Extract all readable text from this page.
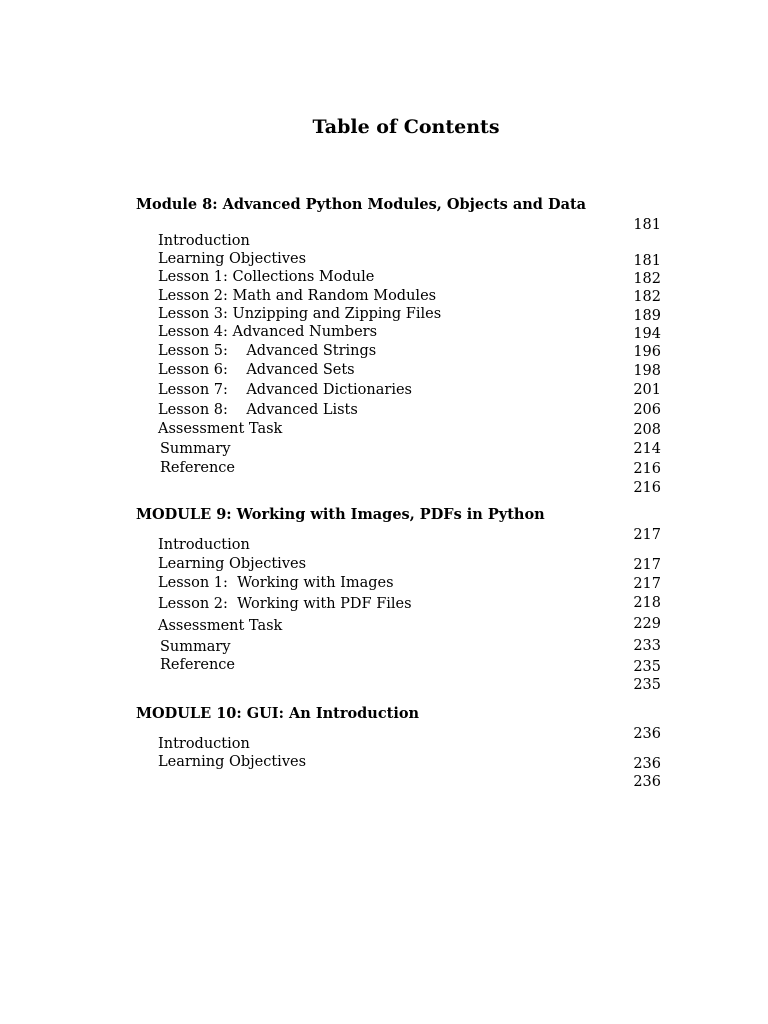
Table of Contents

Module 8: Advanced Python Modules, Objects and Data

181

Introduction

181

Learning Objectives

182

Lesson 1: Collections Module

182

Lesson 2: Math and Random Modules

189

Lesson 3: Unzipping and Zipping Files

194

Lesson 4: Advanced Numbers

196

Lesson 5:    Advanced Strings

198

Lesson 6:    Advanced Sets

201

Lesson 7:    Advanced Dictionaries

206

Lesson 8:    Advanced Lists

208

Assessment Task

214

Summary

216

Reference

216

MODULE 9: Working with Images, PDFs in Python

217

Introduction

217

Learning Objectives

217

Lesson 1:  Working with Images

218

Lesson 2:  Working with PDF Files

229

Assessment Task

233

Summary

235

Reference

235

MODULE 10: GUI: An Introduction

236

Introduction

236

Learning Objectives

236
